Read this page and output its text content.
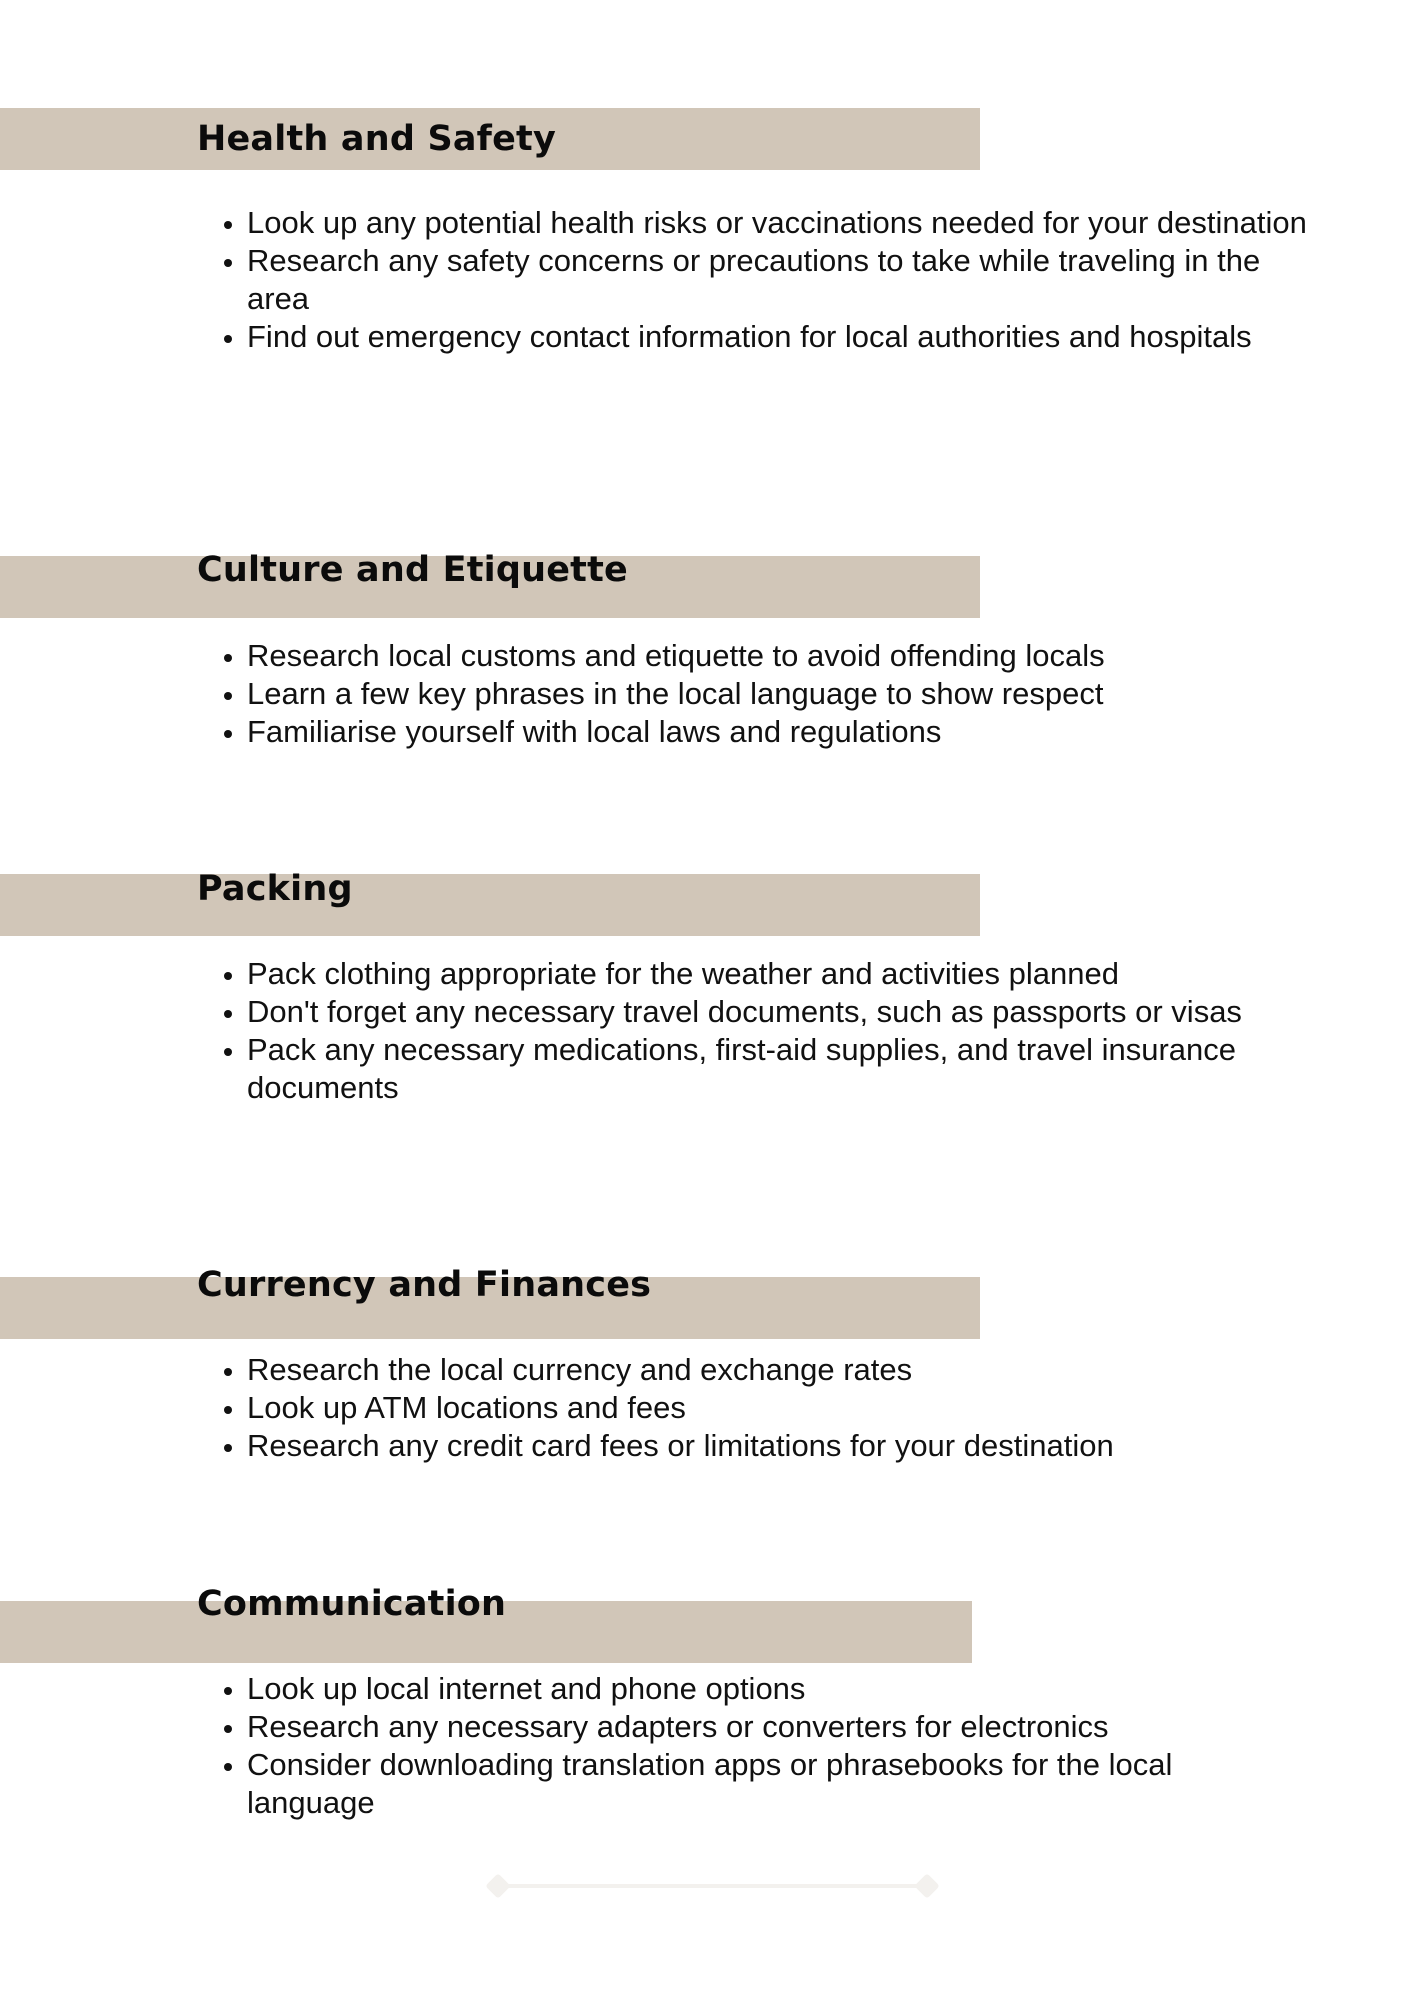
Health and Safety
• Look up any potential health risks or vaccinations needed for your destination
• Research any safety concerns or precautions to take while traveling in the area
• Find out emergency contact information for local authorities and hospitals
Culture and Etiquette
• Research local customs and etiquette to avoid offending locals
• Learn a few key phrases in the local language to show respect
• Familiarise yourself with local laws and regulations
Packing
• Pack clothing appropriate for the weather and activities planned
• Don't forget any necessary travel documents, such as passports or visas
• Pack any necessary medications, first-aid supplies, and travel insurance documents
Currency and Finances
• Research the local currency and exchange rates
• Look up ATM locations and fees
• Research any credit card fees or limitations for your destination
Communication
• Look up local internet and phone options
• Research any necessary adapters or converters for electronics
• Consider downloading translation apps or phrasebooks for the local language
